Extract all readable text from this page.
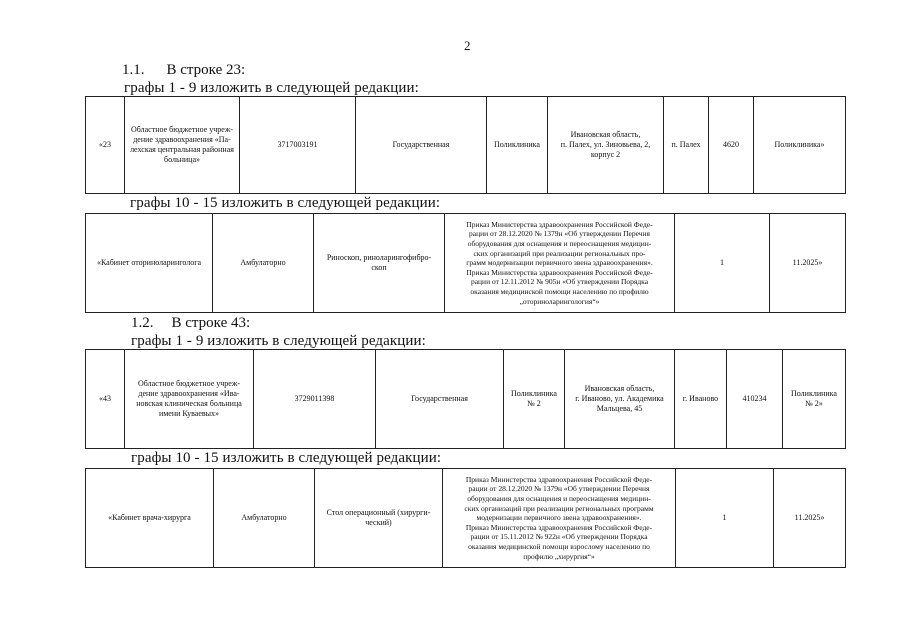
2
1.1. В строке 23:
графы 1 - 9 изложить в следующей редакции:
«23	Областное бюджетное учреж-
дение здравоохранения «Па-
лехская центральная районная
больница»	3717003191	Государственная	Поликлиника	Ивановская область,
п. Палех, ул. Зиновьева, 2,
корпус 2	п. Палех	4620	Поликлиника»
графы 10 - 15 изложить в следующей редакции:
«Кабинет оториноларинголога	Амбулаторно	Риноскоп, риноларингофибро-
скоп	Приказ Министерства здравоохранения Российской Феде-
рации от 28.12.2020 № 1379н «Об утверждении Перечня
оборудования для оснащения и переоснащения медицин-
ских организаций при реализации региональных про-
грамм модернизации первичного звена здравоохранения».
Приказ Министерства здравоохранения Российской Феде-
рации от 12.11.2012 № 905н «Об утверждении Порядка
оказания медицинской помощи населению по профилю
„оториноларингология“»	1	11.2025»
1.2. В строке 43:
графы 1 - 9 изложить в следующей редакции:
«43	Областное бюджетное учреж-
дение здравоохранения «Ива-
новская клиническая больница
имени Куваевых»	3729011398	Государственная	Поликлиника
№ 2	Ивановская область,
г. Иваново, ул. Академика
Мальцева, 45	г. Иваново	410234	Поликлиника
№ 2»
графы 10 - 15 изложить в следующей редакции:
«Кабинет врача-хирурга	Амбулаторно	Стол операционный (хирурги-
ческий)	Приказ Министерства здравоохранения Российской Феде-
рации от 28.12.2020 № 1379н «Об утверждении Перечня
оборудования для оснащения и переоснащения медицин-
ских организаций при реализации региональных программ
модернизации первичного звена здравоохранения».
Приказ Министерства здравоохранения Российской Феде-
рации от 15.11.2012 № 922н «Об утверждении Порядка
оказания медицинской помощи взрослому населению по
профилю „хирургия“»	1	11.2025»
